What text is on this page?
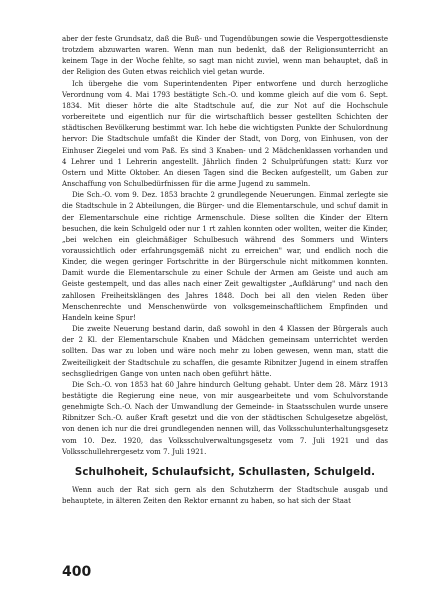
aber der feste Grundsatz, daß die Buß- und Tugendübungen sowie die Vespergottesdienste trotzdem abzuwarten waren. Wenn man nun bedenkt, daß der Religionsunterricht an keinem Tage in der Woche fehlte, so sagt man nicht zuviel, wenn man behauptet, daß in der Religion des Guten etwas reichlich viel getan wurde.

Ich übergehe die vom Superintendenten Piper entworfene und durch herzogliche Verordnung vom 4. Mai 1793 bestätigte Sch.-O. und komme gleich auf die vom 6. Sept. 1834. Mit dieser hörte die alte Stadtschule auf, die zur Not auf die Hochschule vorbereitete und eigentlich nur für die wirtschaftlich besser gestellten Schichten der städtischen Bevölkerung bestimmt war. Ich hebe die wichtigsten Punkte der Schulordnung hervor: Die Stadtschule umfaßt die Kinder der Stadt, von Dorg, von Einhusen, von der Einhuser Ziegelei und vom Paß. Es sind 3 Knaben- und 2 Mädchenklassen vorhanden und 4 Lehrer und 1 Lehrerin angestellt. Jährlich finden 2 Schulprüfungen statt: Kurz vor Ostern und Mitte Oktober. An diesen Tagen sind die Becken aufgestellt, um Gaben zur Anschaffung von Schulbedürfnissen für die arme Jugend zu sammeln.

Die Sch.-O. vom 9. Dez. 1853 brachte 2 grundlegende Neuerungen. Einmal zerlegte sie die Stadtschule in 2 Abteilungen, die Bürger- und die Elementarschule, und schuf damit in der Elementarschule eine richtige Armenschule. Diese sollten die Kinder der Eltern besuchen, die kein Schulgeld oder nur 1 rt zahlen konnten oder wollten, weiter die Kinder, „bei welchen ein gleichmäßiger Schulbesuch während des Sommers und Winters voraussichtlich oder erfahrungsgemäß nicht zu erreichen" war, und endlich noch die Kinder, die wegen geringer Fortschritte in der Bürgerschule nicht mitkommen konnten. Damit wurde die Elementarschule zu einer Schule der Armen am Geiste und auch am Geiste gestempelt, und das alles nach einer Zeit gewaltigster „Aufklärung" und nach den zahllosen Freiheitsklängen des Jahres 1848. Doch bei all den vielen Reden über Menschenrechte und Menschenwürde von volksgemeinschaftlichem Empfinden und Handeln keine Spur!

Die zweite Neuerung bestand darin, daß sowohl in den 4 Klassen der Bürgerals auch der 2 Kl. der Elementarschule Knaben und Mädchen gemeinsam unterrichtet werden sollten. Das war zu loben und wäre noch mehr zu loben gewesen, wenn man, statt die Zweiteiligkeit der Stadtschule zu schaffen, die gesamte Ribnitzer Jugend in einem straffen sechsgliedrigen Gange von unten nach oben geführt hätte.

Die Sch.-O. von 1853 hat 60 Jahre hindurch Geltung gehabt. Unter dem 28. März 1913 bestätigte die Regierung eine neue, von mir ausgearbeitete und vom Schulvorstande genehmigte Sch.-O. Nach der Umwandlung der Gemeinde- in Staatsschulen wurde unsere Ribnitzer Sch.-O. außer Kraft gesetzt und die von der städtischen Schulgesetze abgelöst, von denen ich nur die drei grundlegenden nennen will, das Volksschulunterhaltungsgesetz vom 10. Dez. 1920, das Volksschulverwaltungsgesetz vom 7. Juli 1921 und das Volksschullehrergesetz vom 7. Juli 1921.

Schulhoheit, Schulaufsicht, Schullasten, Schulgeld.

Wenn auch der Rat sich gern als den Schutzherrn der Stadtschule ausgab und behauptete, in älteren Zeiten den Rektor ernannt zu haben, so hat sich der Staat

400
